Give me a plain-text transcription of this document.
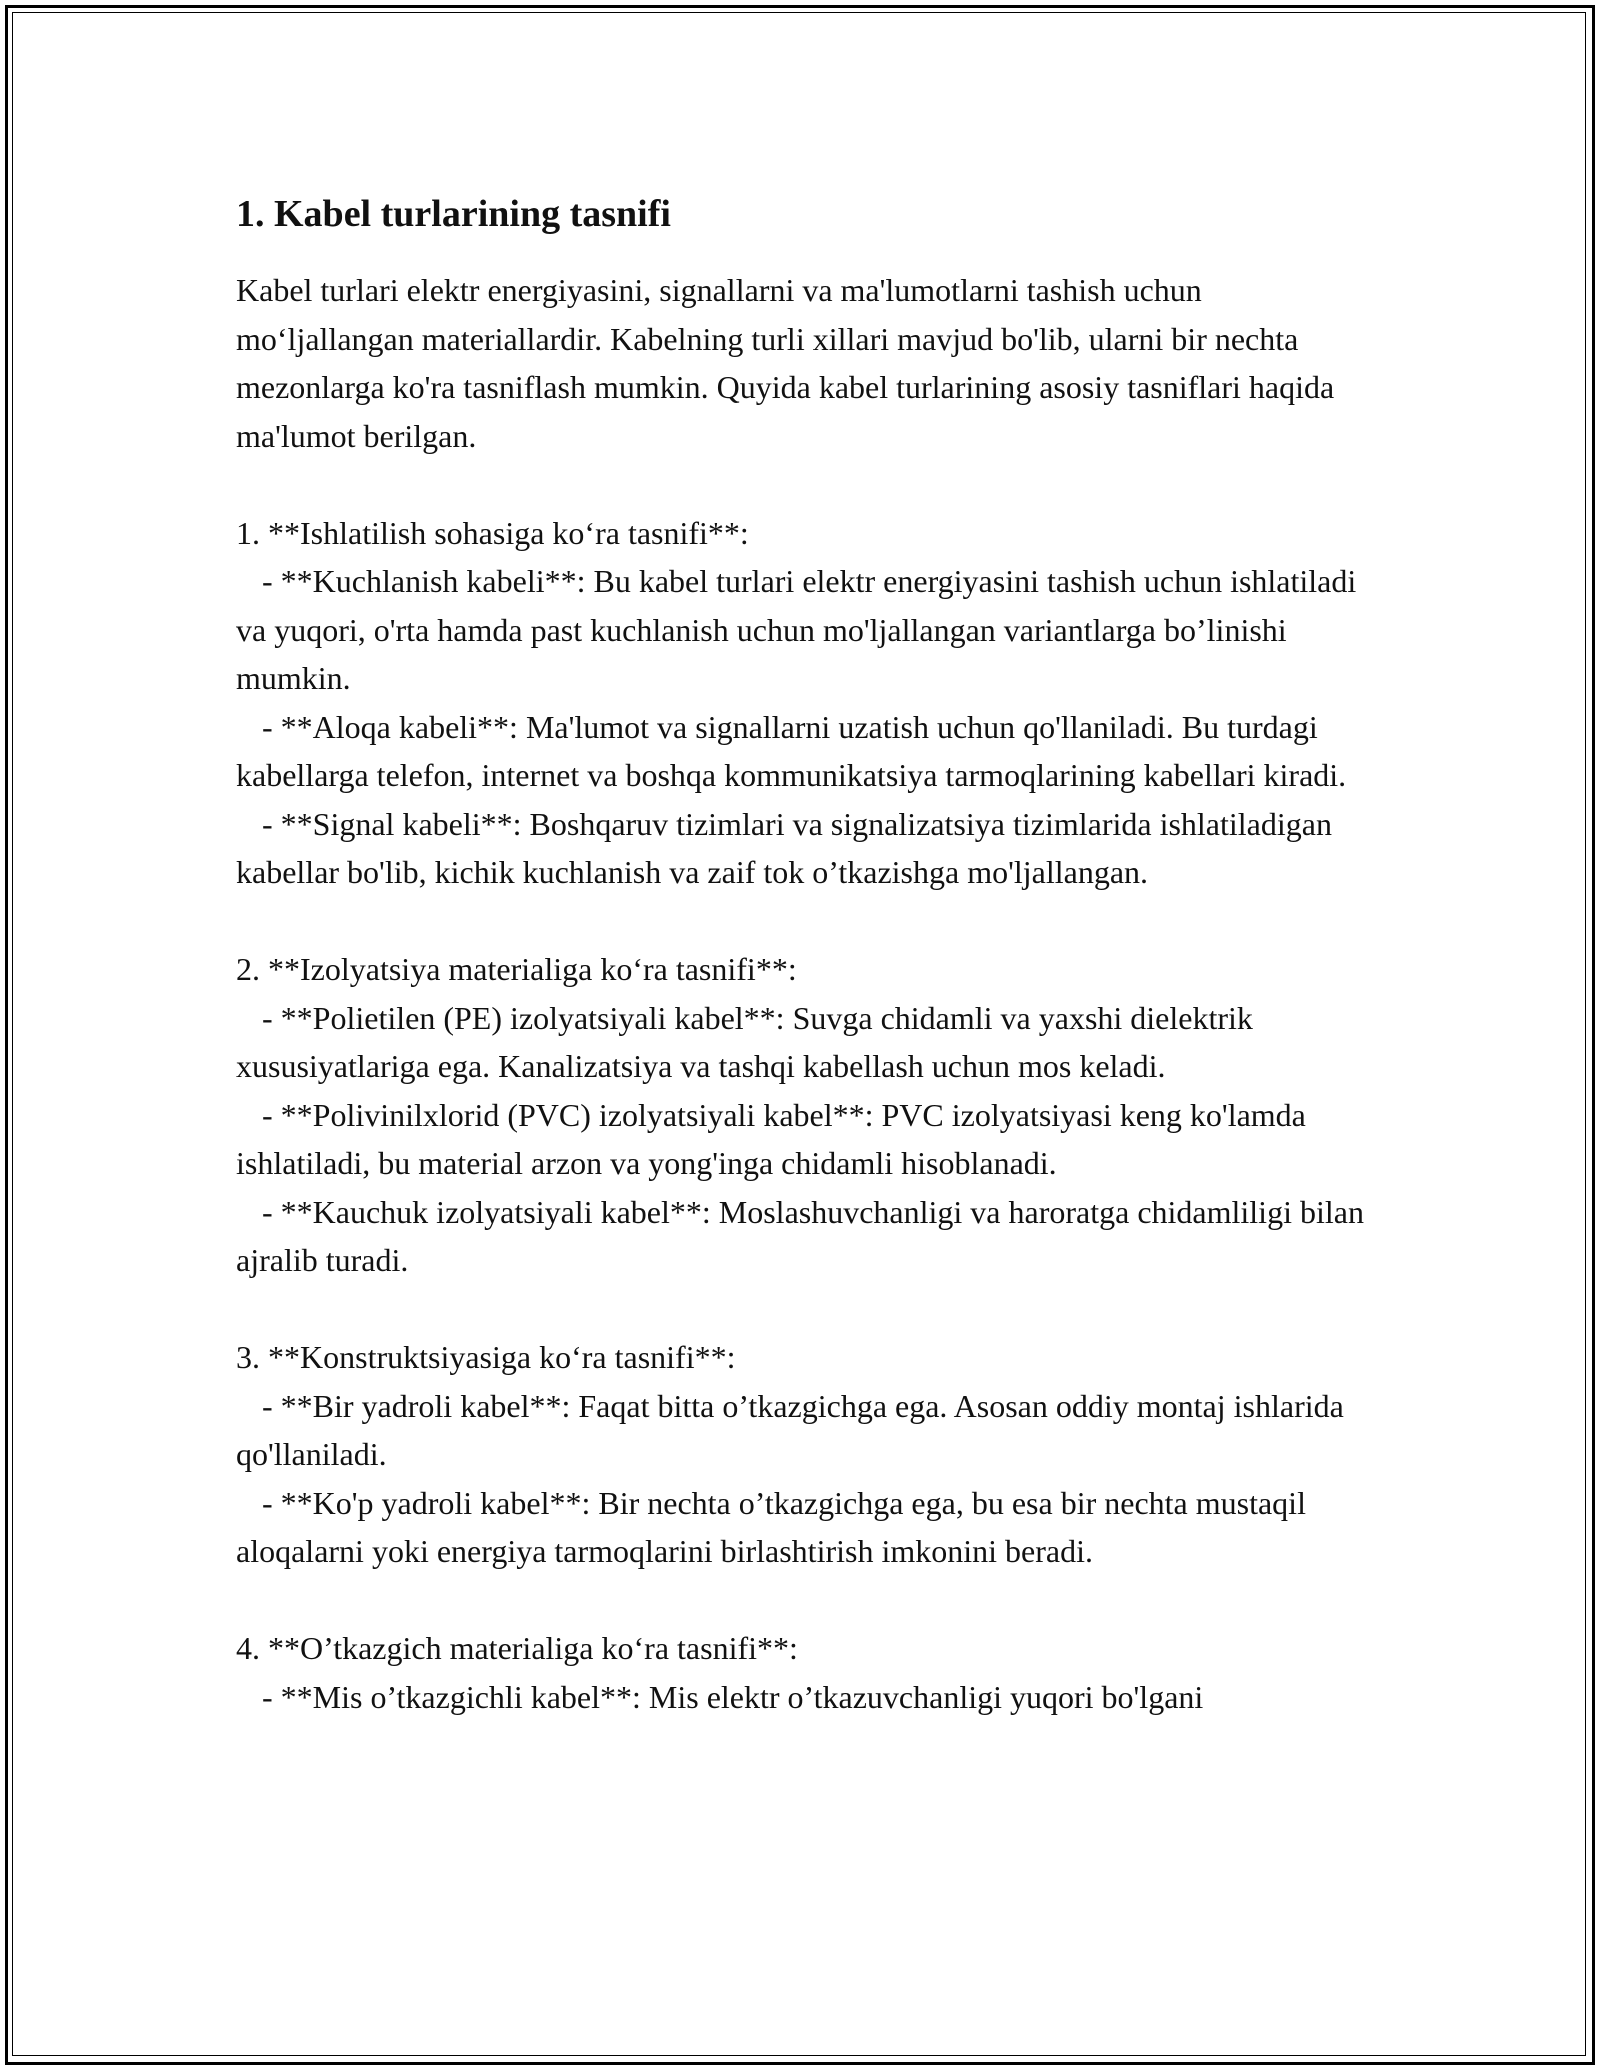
1. Kabel turlarining tasnifi

Kabel turlari elektr energiyasini, signallarni va ma'lumotlarni tashish uchun mo‘ljallangan materiallardir. Kabelning turli xillari mavjud bo'lib, ularni bir nechta mezonlarga ko'ra tasniflash mumkin. Quyida kabel turlarining asosiy tasniflari haqida ma'lumot berilgan.

1. **Ishlatilish sohasiga ko‘ra tasnifi**:

- **Kuchlanish kabeli**: Bu kabel turlari elektr energiyasini tashish uchun ishlatiladi va yuqori, o'rta hamda past kuchlanish uchun mo'ljallangan variantlarga bo’linishi mumkin.

- **Aloqa kabeli**: Ma'lumot va signallarni uzatish uchun qo'llaniladi. Bu turdagi kabellarga telefon, internet va boshqa kommunikatsiya tarmoqlarining kabellari kiradi.

- **Signal kabeli**: Boshqaruv tizimlari va signalizatsiya tizimlarida ishlatiladigan kabellar bo'lib, kichik kuchlanish va zaif tok o’tkazishga mo'ljallangan.

2. **Izolyatsiya materialiga ko‘ra tasnifi**:

- **Polietilen (PE) izolyatsiyali kabel**: Suvga chidamli va yaxshi dielektrik xususiyatlariga ega. Kanalizatsiya va tashqi kabellash uchun mos keladi.

- **Polivinilxlorid (PVC) izolyatsiyali kabel**: PVC izolyatsiyasi keng ko'lamda ishlatiladi, bu material arzon va yong'inga chidamli hisoblanadi.

- **Kauchuk izolyatsiyali kabel**: Moslashuvchanligi va haroratga chidamliligi bilan ajralib turadi.

3. **Konstruktsiyasiga ko‘ra tasnifi**:

- **Bir yadroli kabel**: Faqat bitta o’tkazgichga ega. Asosan oddiy montaj ishlarida qo'llaniladi.

- **Ko'p yadroli kabel**: Bir nechta o’tkazgichga ega, bu esa bir nechta mustaqil aloqalarni yoki energiya tarmoqlarini birlashtirish imkonini beradi.

4. **O’tkazgich materialiga ko‘ra tasnifi**:

- **Mis o’tkazgichli kabel**: Mis elektr o’tkazuvchanligi yuqori bo'lgani
